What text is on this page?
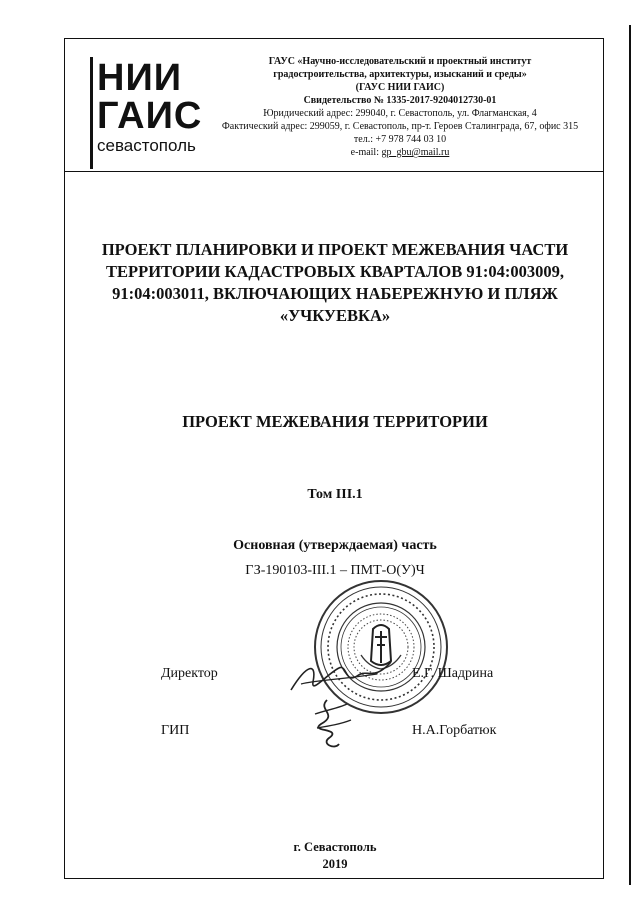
НИИ
ГАИС
севастополь
ГАУС «Научно-исследовательский и проектный институт
градостроительства, архитектуры, изысканий и среды»
(ГАУС НИИ ГАИС)
Свидетельство № 1335-2017-9204012730-01
Юридический адрес: 299040, г. Севастополь, ул. Флагманская, 4
Фактический адрес: 299059, г. Севастополь, пр-т. Героев Сталинграда, 67, офис 315
тел.: +7 978 744 03 10
e-mail: gp_gbu@mail.ru
ПРОЕКТ ПЛАНИРОВКИ И ПРОЕКТ МЕЖЕВАНИЯ ЧАСТИ
ТЕРРИТОРИИ КАДАСТРОВЫХ КВАРТАЛОВ 91:04:003009,
91:04:003011, ВКЛЮЧАЮЩИХ НАБЕРЕЖНУЮ И ПЛЯЖ
«УЧКУЕВКА»
ПРОЕКТ МЕЖЕВАНИЯ ТЕРРИТОРИИ
Том III.1
Основная (утверждаемая) часть
ГЗ-190103-III.1 – ПМТ-О(У)Ч
Директор	Е.Г. Шадрина
ГИП	Н.А.Горбатюк
г. Севастополь
2019
